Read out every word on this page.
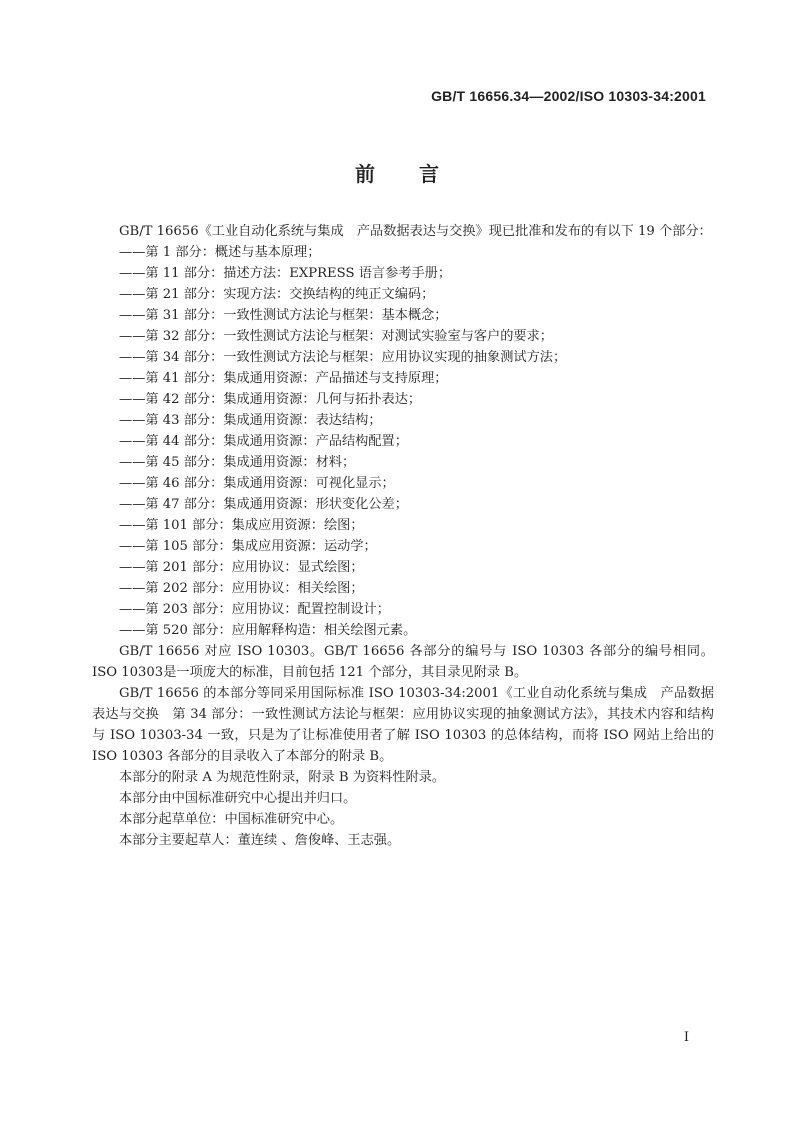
GB/T 16656.34—2002/ISO 10303-34:2001
前言

GB/T 16656《工业自动化系统与集成　产品数据表达与交换》现已批准和发布的有以下 19 个部分：

——第 1 部分：概述与基本原理；
——第 11 部分：描述方法：EXPRESS 语言参考手册；
——第 21 部分：实现方法：交换结构的纯正文编码；
——第 31 部分：一致性测试方法论与框架：基本概念；
——第 32 部分：一致性测试方法论与框架：对测试实验室与客户的要求；
——第 34 部分：一致性测试方法论与框架：应用协议实现的抽象测试方法；
——第 41 部分：集成通用资源：产品描述与支持原理；
——第 42 部分：集成通用资源：几何与拓扑表达；
——第 43 部分：集成通用资源：表达结构；
——第 44 部分：集成通用资源：产品结构配置；
——第 45 部分：集成通用资源：材料；
——第 46 部分：集成通用资源：可视化显示；
——第 47 部分：集成通用资源：形状变化公差；
——第 101 部分：集成应用资源：绘图；
——第 105 部分：集成应用资源：运动学；
——第 201 部分：应用协议：显式绘图；
——第 202 部分：应用协议：相关绘图；
——第 203 部分：应用协议：配置控制设计；
——第 520 部分：应用解释构造：相关绘图元素。

GB/T 16656 对应 ISO 10303。GB/T 16656 各部分的编号与 ISO 10303 各部分的编号相同。ISO 10303是一项庞大的标准，目前包括 121 个部分，其目录见附录 B。

GB/T 16656 的本部分等同采用国际标准 ISO 10303-34:2001《工业自动化系统与集成　产品数据表达与交换　第 34 部分：一致性测试方法论与框架：应用协议实现的抽象测试方法》，其技术内容和结构与 ISO 10303-34 一致，只是为了让标准使用者了解 ISO 10303 的总体结构，而将 ISO 网站上给出的 ISO 10303 各部分的目录收入了本部分的附录 B。

本部分的附录 A 为规范性附录，附录 B 为资料性附录。

本部分由中国标准研究中心提出并归口。

本部分起草单位：中国标准研究中心。

本部分主要起草人：董连续 、詹俊峰、王志强。

I
